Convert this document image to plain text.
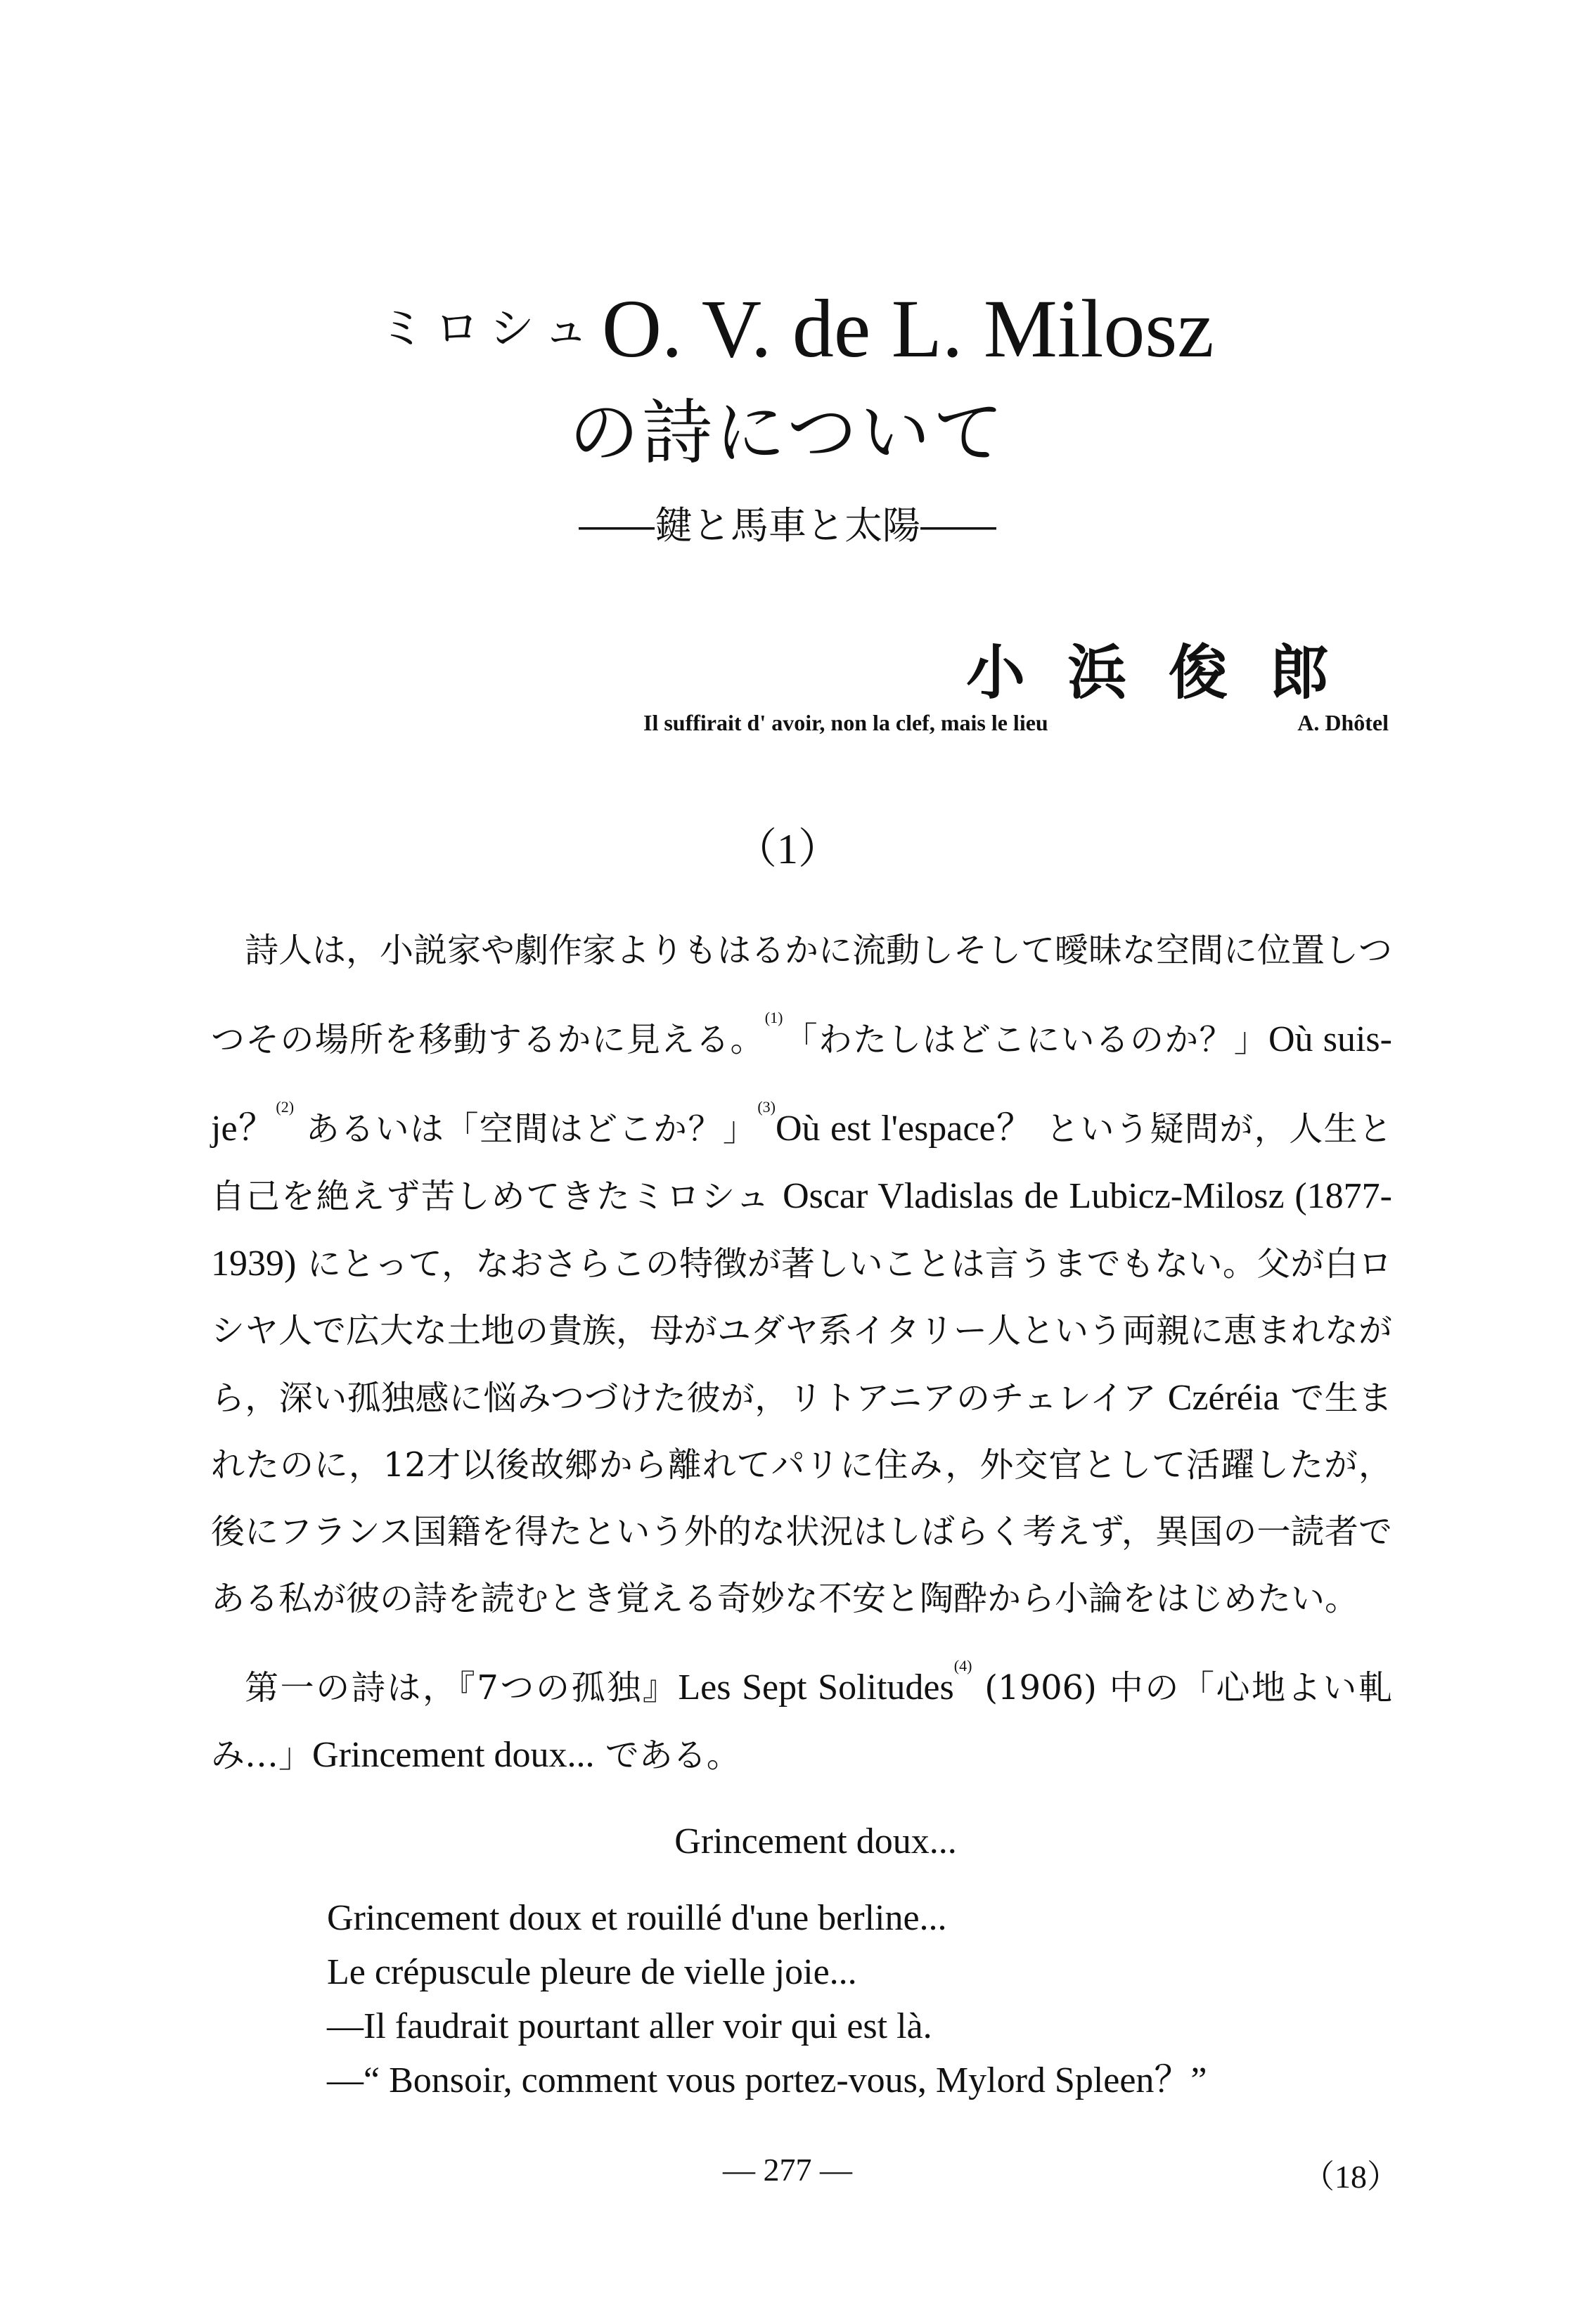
ミロシュ O. V. de L. Milosz
の詩について
――鍵と馬車と太陽――
小浜俊郎
Il suffirait d' avoir, non la clef, mais le lieu	A. Dhôtel
（1）

詩人は，小説家や劇作家よりもはるかに流動しそして曖昧な空間に位置しつつその場所を移動するかに見える。$^{(1)}$「わたしはどこにいるのか？」Où suis-je？$^{(2)}$ あるいは「空間はどこか？」$^{(3)}$Où est l'espace？ という疑問が，人生と自己を絶えず苦しめてきたミロシュ Oscar Vladislas de Lubicz-Milosz (1877-1939) にとって，なおさらこの特徴が著しいことは言うまでもない。父が白ロシヤ人で広大な土地の貴族，母がユダヤ系イタリー人という両親に恵まれながら，深い孤独感に悩みつづけた彼が，リトアニアのチェレイア Czéréia で生まれたのに，12才以後故郷から離れてパリに住み，外交官として活躍したが，後にフランス国籍を得たという外的な状況はしばらく考えず，異国の一読者である私が彼の詩を読むとき覚える奇妙な不安と陶酔から小論をはじめたい。

第一の詩は，『7つの孤独』Les Sept Solitudes$^{(4)}$ (1906) 中の「心地よい軋み…」Grincement doux... である。

Grincement doux...
Grincement doux et rouillé d'une berline...
Le crépuscule pleure de vielle joie...
—Il faudrait pourtant aller voir qui est là.
—“ Bonsoir, comment vous portez-vous, Mylord Spleen？”
— 277 —	（18）
